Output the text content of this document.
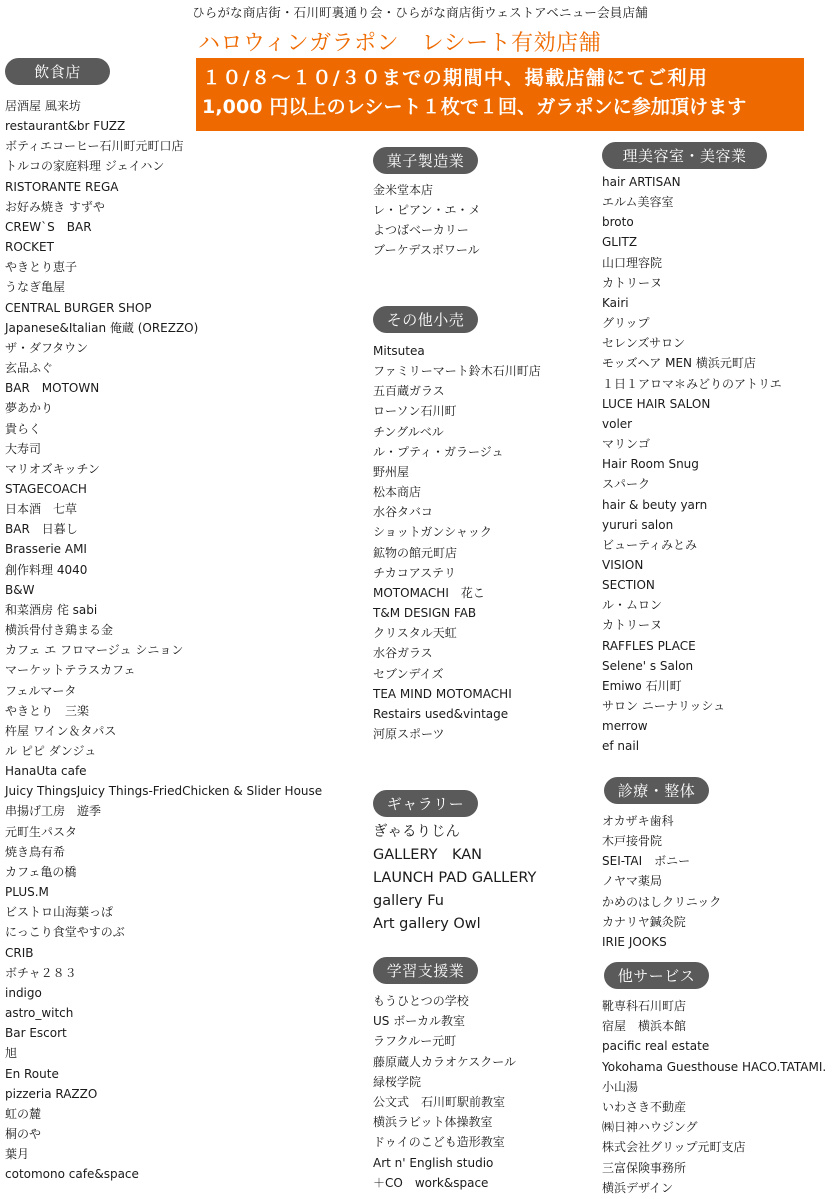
ひらがな商店街・石川町裏通り会・ひらがな商店街ウェストアベニュー会員店舗
ハロウィンガラポン　レシート有効店舗
１０/８～１０/３０までの期間中、掲載店舗にてご利用
1,000 円以上のレシート１枚で１回、ガラポンに参加頂けます
飲食店
居酒屋 風来坊
restaurant&br FUZZ
ボティエコーヒー石川町元町口店
トルコの家庭料理 ジェイハン
RISTORANTE REGA
お好み焼き すずや
CREW`S　BAR
ROCKET
やきとり恵子
うなぎ亀屋
CENTRAL BURGER SHOP
Japanese&Italian 俺蔵 (OREZZO)
ザ・ダフタウン
玄品ふぐ
BAR　MOTOWN
夢あかり
貴らく
大寿司
マリオズキッチン
STAGECOACH
日本酒　七草
BAR　日暮し
Brasserie AMI
創作料理 4040
B&W
和菜酒房 侘 sabi
横浜骨付き鶏まる金
カフェ エ フロマージュ シニョン
マーケットテラスカフェ
フェルマータ
やきとり　三楽
杵屋 ワイン＆タパス
ル ピピ ダンジュ
HanaUta cafe
Juicy ThingsJuicy Things-FriedChicken & Slider House
串揚げ工房　遊季
元町生パスタ
焼き鳥有希
カフェ亀の橋
PLUS.M
ビストロ山海葉っぱ
にっこり食堂やすのぶ
CRIB
ボチャ２８３
indigo
astro_witch
Bar Escort
旭
En Route
pizzeria RAZZO
虹の麓
桐のや
葉月
cotomono cafe&space
菓子製造業
金米堂本店
レ・ピアン・エ・メ
よつばベーカリー
ブーケデスボワール
その他小売
Mitsutea
ファミリーマート鈴木石川町店
五百蔵ガラス
ローソン石川町
チングルベル
ル・プティ・ガラージュ
野州屋
松本商店
水谷タバコ
ショットガンシャック
鉱物の館元町店
チカコアステリ
MOTOMACHI　花こ
T&M DESIGN FAB
クリスタル天虹
水谷ガラス
セブンデイズ
TEA MIND MOTOMACHI
Restairs used&vintage
河原スポーツ
ギャラリー
ぎゃるりじん
GALLERY　KAN
LAUNCH PAD GALLERY
gallery Fu
Art gallery Owl
学習支援業
もうひとつの学校
US ボーカル教室
ラフクルー元町
藤原蔵人カラオケスクール
緑桜学院
公文式　石川町駅前教室
横浜ラビット体操教室
ドゥイのこども造形教室
Art n' English studio
＋CO　work&space
理美容室・美容業
hair ARTISAN
エルム美容室
broto
GLITZ
山口理容院
カトリーヌ
Kairi
グリップ
セレンズサロン
モッズヘア MEN 横浜元町店
１日１アロマ＊みどりのアトリエ
LUCE HAIR SALON
voler
マリンゴ
Hair Room Snug
スパーク
hair & beuty yarn
yururi salon
ビューティみとみ
VISION
SECTION
ル・ムロン
カトリーヌ
RAFFLES PLACE
Selene' s Salon
Emiwo 石川町
サロン ニーナリッシュ
merrow
ef nail
診療・整体
オカザキ歯科
木戸接骨院
SEI-TAI　ボニー
ノヤマ薬局
かめのはしクリニック
カナリヤ鍼灸院
IRIE JOOKS
他サービス
靴専科石川町店
宿屋　横浜本館
pacific real estate
Yokohama Guesthouse HACO.TATAMI.
小山湯
いわさき不動産
㈱日神ハウジング
株式会社グリップ元町支店
三富保険事務所
横浜デザイン
